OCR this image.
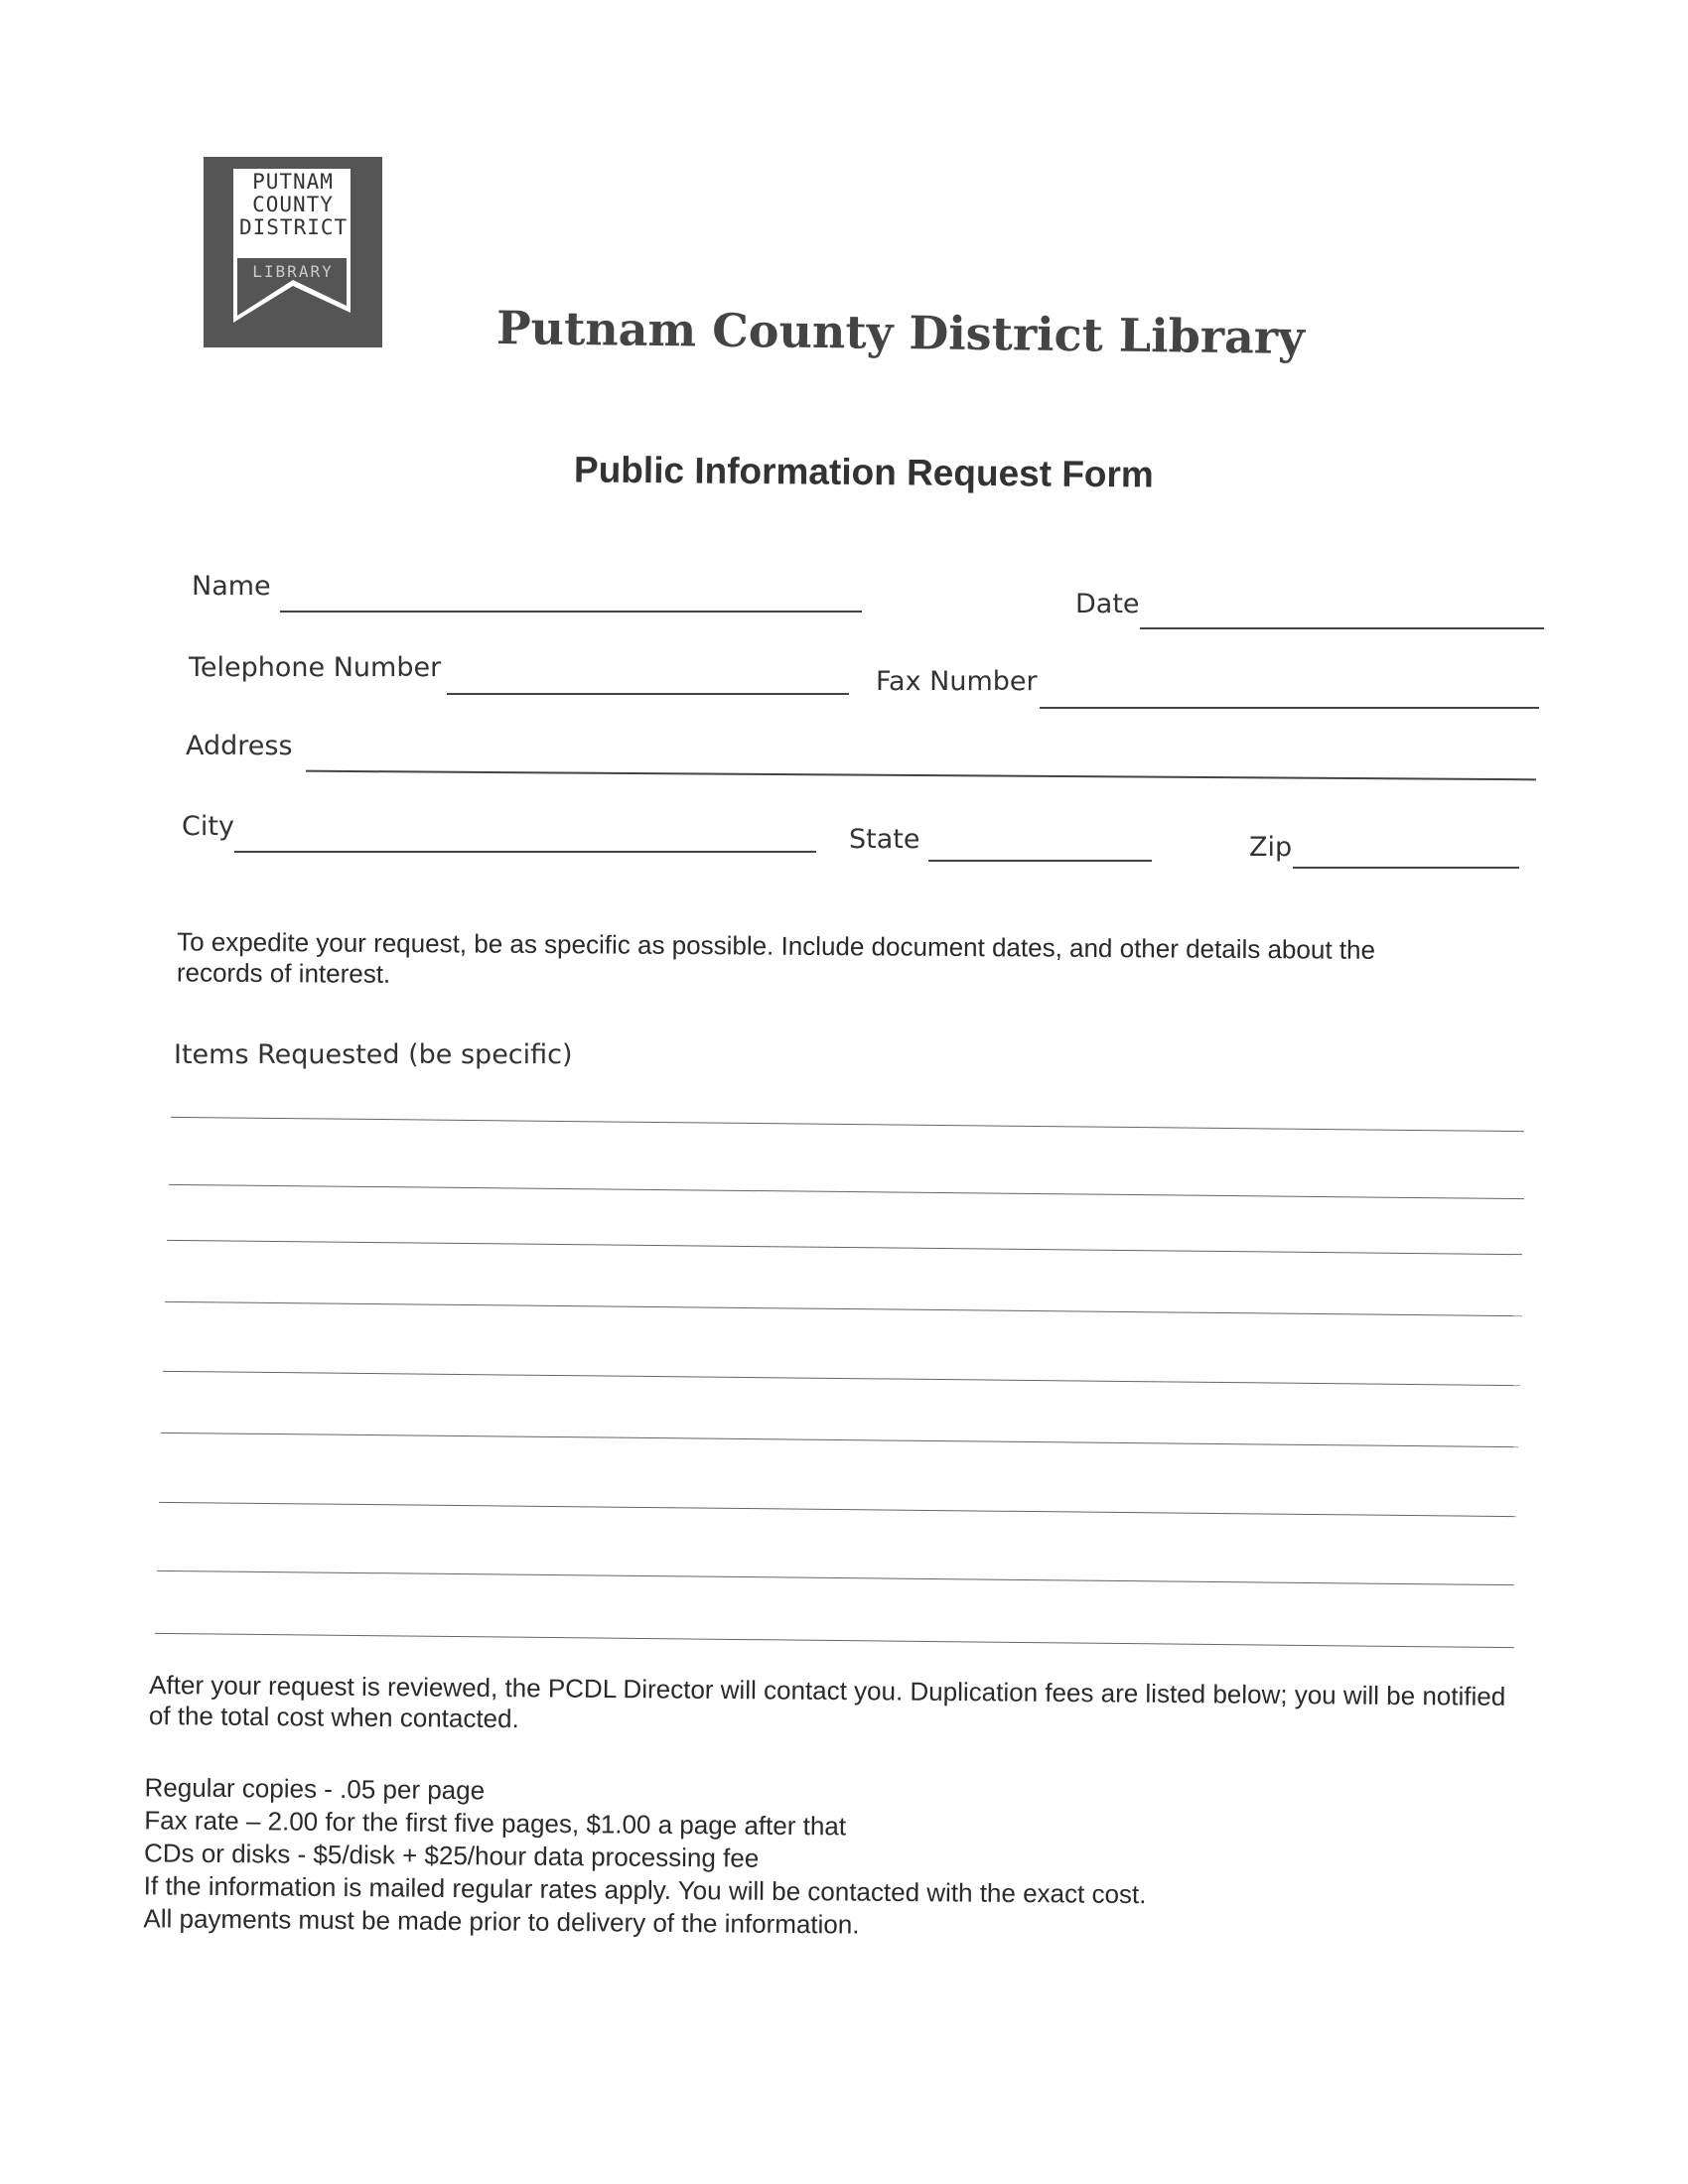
PUTNAM
COUNTY
DISTRICT
LIBRARY
Putnam County District Library
Public Information Request Form
Name
Date
Telephone Number	Fax Number
Address
City	State	Zip
To expedite your request, be as specific as possible. Include document dates, and other details about the records of interest.
Items Requested (be specific)
After your request is reviewed, the PCDL Director will contact you. Duplication fees are listed below; you will be notified of the total cost when contacted.
Regular copies - .05 per page
Fax rate – 2.00 for the first five pages, $1.00 a page after that
CDs or disks - $5/disk + $25/hour data processing fee
If the information is mailed regular rates apply. You will be contacted with the exact cost.
All payments must be made prior to delivery of the information.
